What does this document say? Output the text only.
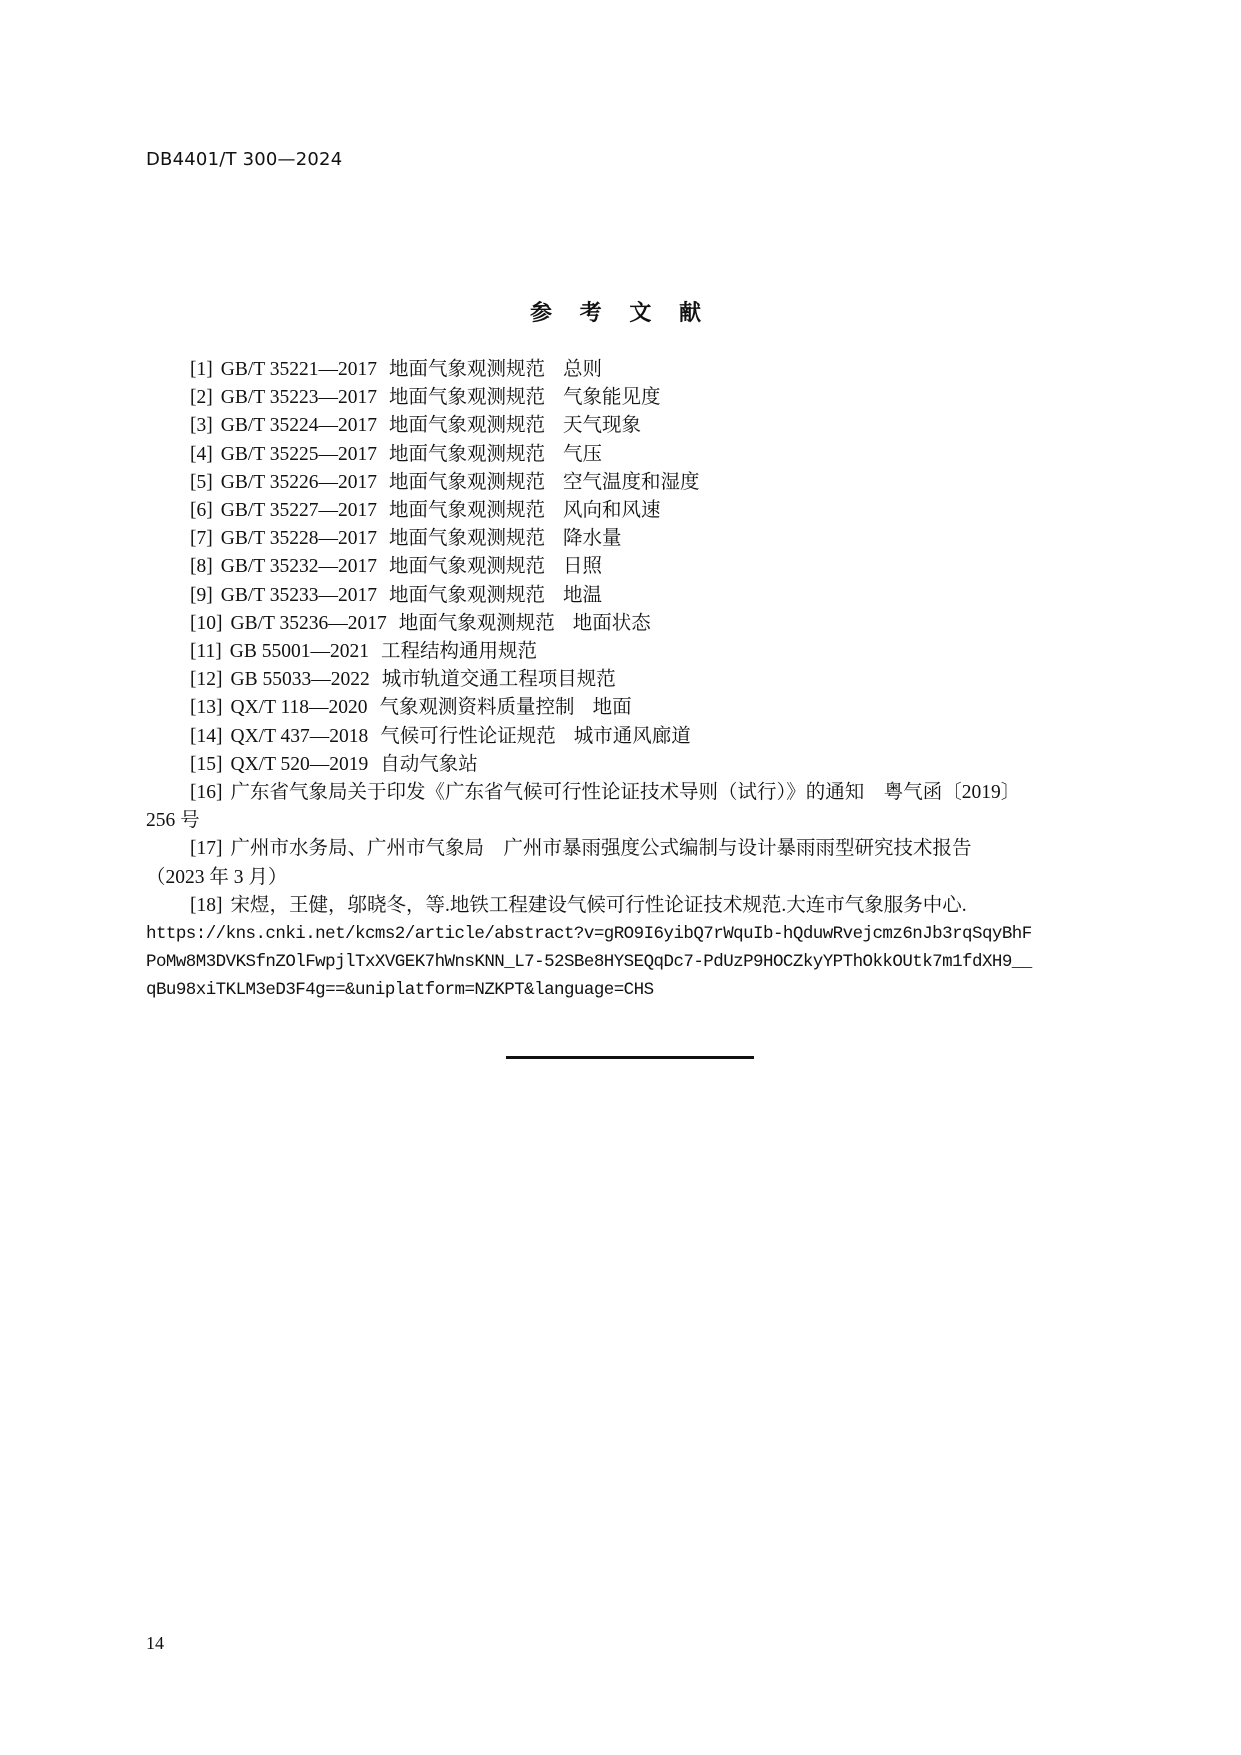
DB4401/T 300—2024
参 考 文 献

[1] GB/T 35221—2017 地面气象观测规范 总则

[2] GB/T 35223—2017 地面气象观测规范 气象能见度

[3] GB/T 35224—2017 地面气象观测规范 天气现象

[4] GB/T 35225—2017 地面气象观测规范 气压

[5] GB/T 35226—2017 地面气象观测规范 空气温度和湿度

[6] GB/T 35227—2017 地面气象观测规范 风向和风速

[7] GB/T 35228—2017 地面气象观测规范 降水量

[8] GB/T 35232—2017 地面气象观测规范 日照

[9] GB/T 35233—2017 地面气象观测规范 地温

[10] GB/T 35236—2017 地面气象观测规范 地面状态

[11] GB 55001—2021 工程结构通用规范

[12] GB 55033—2022 城市轨道交通工程项目规范

[13] QX/T 118—2020 气象观测资料质量控制 地面

[14] QX/T 437—2018 气候可行性论证规范 城市通风廊道

[15] QX/T 520—2019 自动气象站

[16] 广东省气象局关于印发《广东省气候可行性论证技术导则（试行）》的通知　粤气函〔2019〕
256 号

[17] 广州市水务局、广州市气象局　广州市暴雨强度公式编制与设计暴雨雨型研究技术报告
（2023 年 3 月）

[18] 宋煜，王健，邬晓冬，等.地铁工程建设气候可行性论证技术规范.大连市气象服务中心.
https://kns.cnki.net/kcms2/article/abstract?v=gRO9I6yibQ7rWquIb-hQduwRvejcmz6nJb3rqSqyBhF
PoMw8M3DVKSfnZOlFwpjlTxXVGEK7hWnsKNN_L7-52SBe8HYSEQqDc7-PdUzP9HOCZkyYPThOkkOUtk7m1fdXH9__
qBu98xiTKLM3eD3F4g==&uniplatform=NZKPT&language=CHS

14
